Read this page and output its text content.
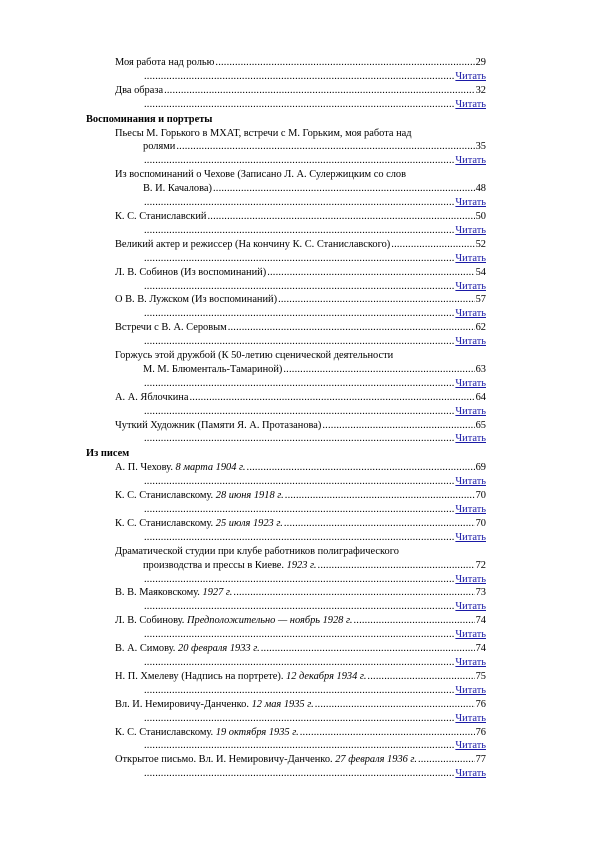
Моя работа над ролью .....	29
.....
Читать
Два образа .....	32
.....
Читать
Воспоминания и портреты
Пьесы М. Горького в МХАТ, встречи с М. Горьким, моя работа над
ролями .....	35
.....
Читать
Из воспоминаний о Чехове (Записано Л. А. Сулержицким со слов
В. И. Качалова) .....	48
.....
Читать
К. С. Станиславский .....	50
.....
Читать
Великий актер и режиссер (На кончину К. С. Станиславского) .....	52
.....
Читать
Л. В. Собинов (Из воспоминаний) .....	54
.....
Читать
О В. В. Лужском (Из воспоминаний) .....	57
.....
Читать
Встречи с В. А. Серовым .....	62
.....
Читать
Горжусь этой дружбой (К 50-летию сценической деятельности
М. М. Блюменталь-Тамариной) .....	63
.....
Читать
А. А. Яблочкина .....	64
.....
Читать
Чуткий Художник (Памяти Я. А. Протазанова) .....	65
.....
Читать
Из писем
А. П. Чехову. 8 марта 1904 г. .....	69
.....
Читать
К. С. Станиславскому. 28 июня 1918 г. .....	70
.....
Читать
К. С. Станиславскому. 25 июля 1923 г. .....	70
.....
Читать
Драматической студии при клубе работников полиграфического
производства и прессы в Киеве. 1923 г. .....	72
.....
Читать
В. В. Маяковскому. 1927 г. .....	73
.....
Читать
Л. В. Собинову. Предположительно — ноябрь 1928 г. .....	74
.....
Читать
В. А. Симову. 20 февраля 1933 г. .....	74
.....
Читать
Н. П. Хмелеву (Надпись на портрете). 12 декабря 1934 г. .....	75
.....
Читать
Вл. И. Немировичу-Данченко. 12 мая 1935 г. .....	76
.....
Читать
К. С. Станиславскому. 19 октября 1935 г. .....	76
.....
Читать
Открытое письмо. Вл. И. Немировичу-Данченко. 27 февраля 1936 г. .....	77
.....
Читать
